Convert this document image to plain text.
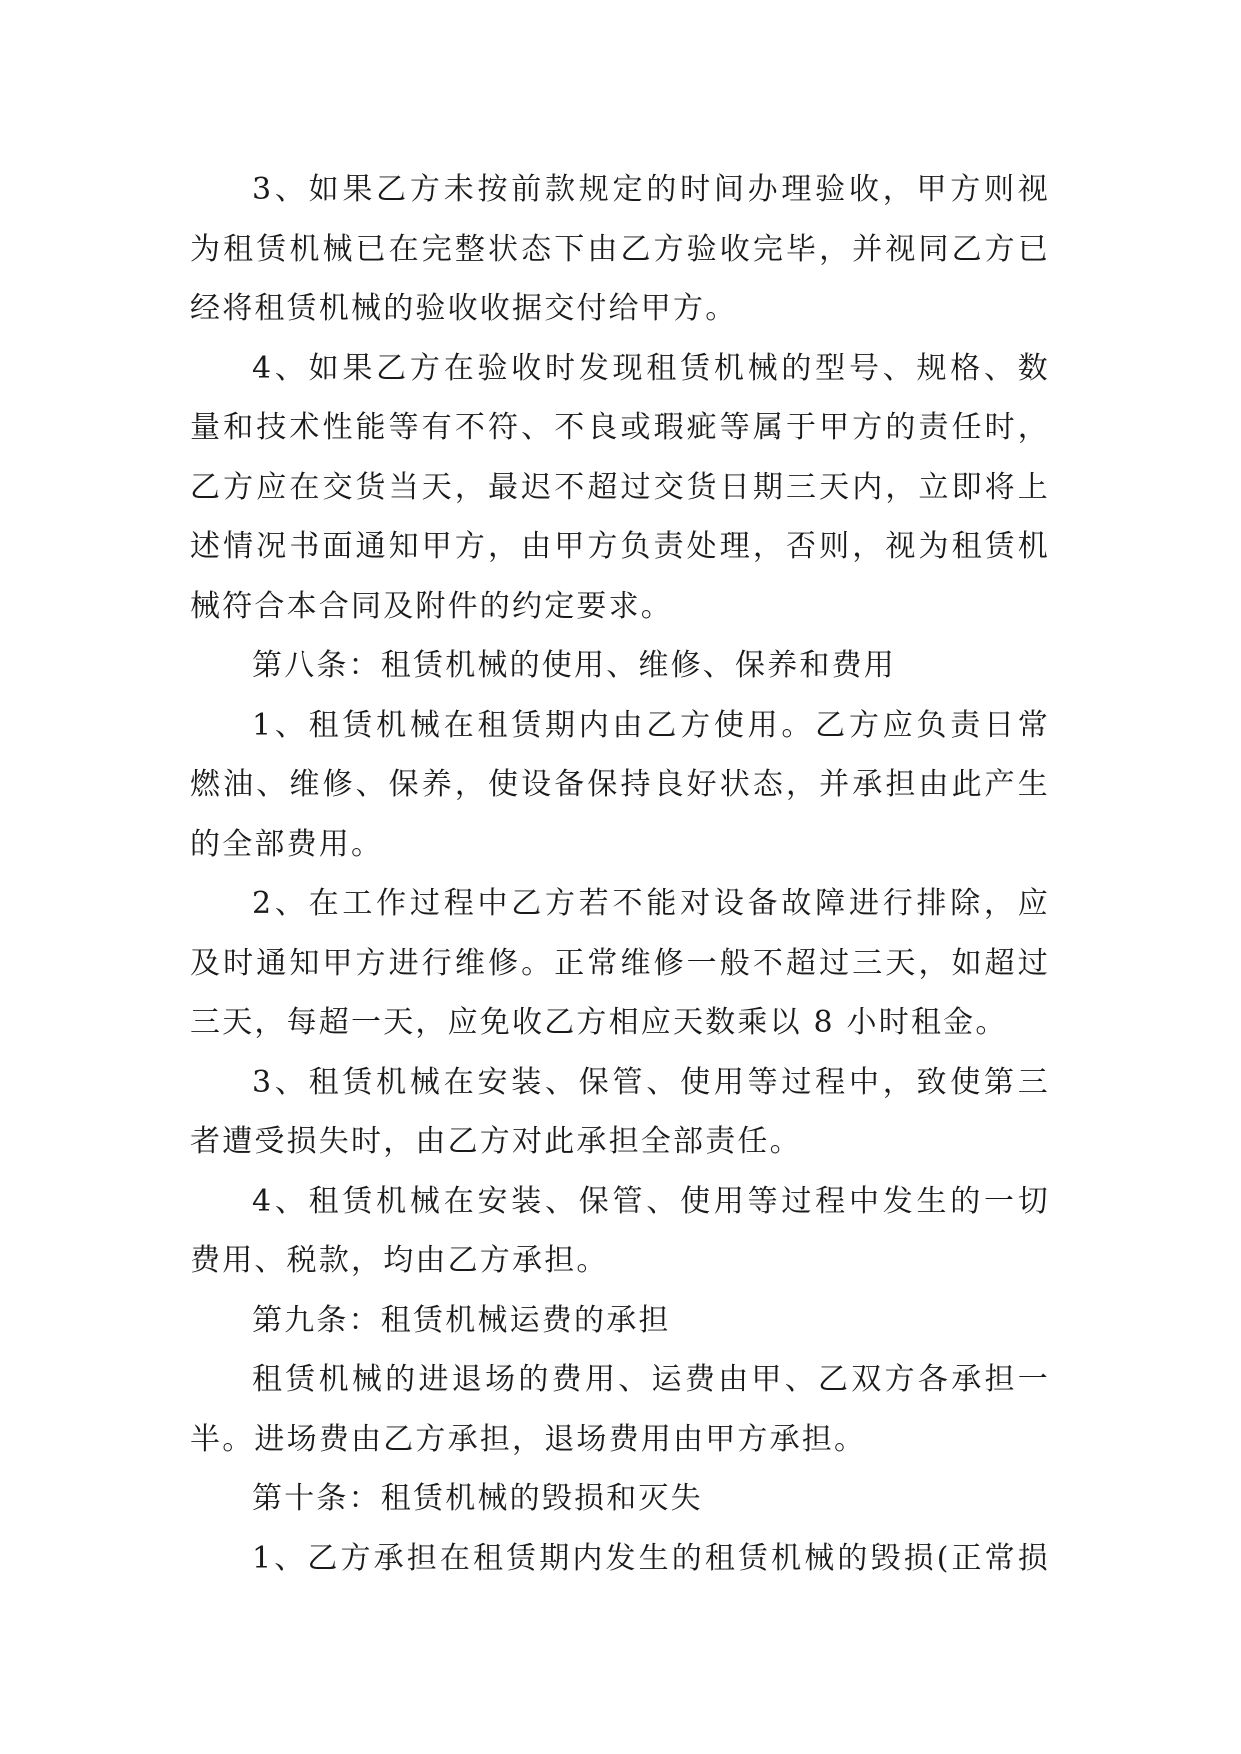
3、如果乙方未按前款规定的时间办理验收，甲方则视
为租赁机械已在完整状态下由乙方验收完毕，并视同乙方已
经将租赁机械的验收收据交付给甲方。
4、如果乙方在验收时发现租赁机械的型号、规格、数
量和技术性能等有不符、不良或瑕疵等属于甲方的责任时，
乙方应在交货当天，最迟不超过交货日期三天内，立即将上
述情况书面通知甲方，由甲方负责处理，否则，视为租赁机
械符合本合同及附件的约定要求。
第八条：租赁机械的使用、维修、保养和费用
1、租赁机械在租赁期内由乙方使用。乙方应负责日常
燃油、维修、保养，使设备保持良好状态，并承担由此产生
的全部费用。
2、在工作过程中乙方若不能对设备故障进行排除，应
及时通知甲方进行维修。正常维修一般不超过三天，如超过
三天，每超一天，应免收乙方相应天数乘以 8 小时租金。
3、租赁机械在安装、保管、使用等过程中，致使第三
者遭受损失时，由乙方对此承担全部责任。
4、租赁机械在安装、保管、使用等过程中发生的一切
费用、税款，均由乙方承担。
第九条：租赁机械运费的承担
租赁机械的进退场的费用、运费由甲、乙双方各承担一
半。进场费由乙方承担，退场费用由甲方承担。
第十条：租赁机械的毁损和灭失
1、乙方承担在租赁期内发生的租赁机械的毁损(正常损
